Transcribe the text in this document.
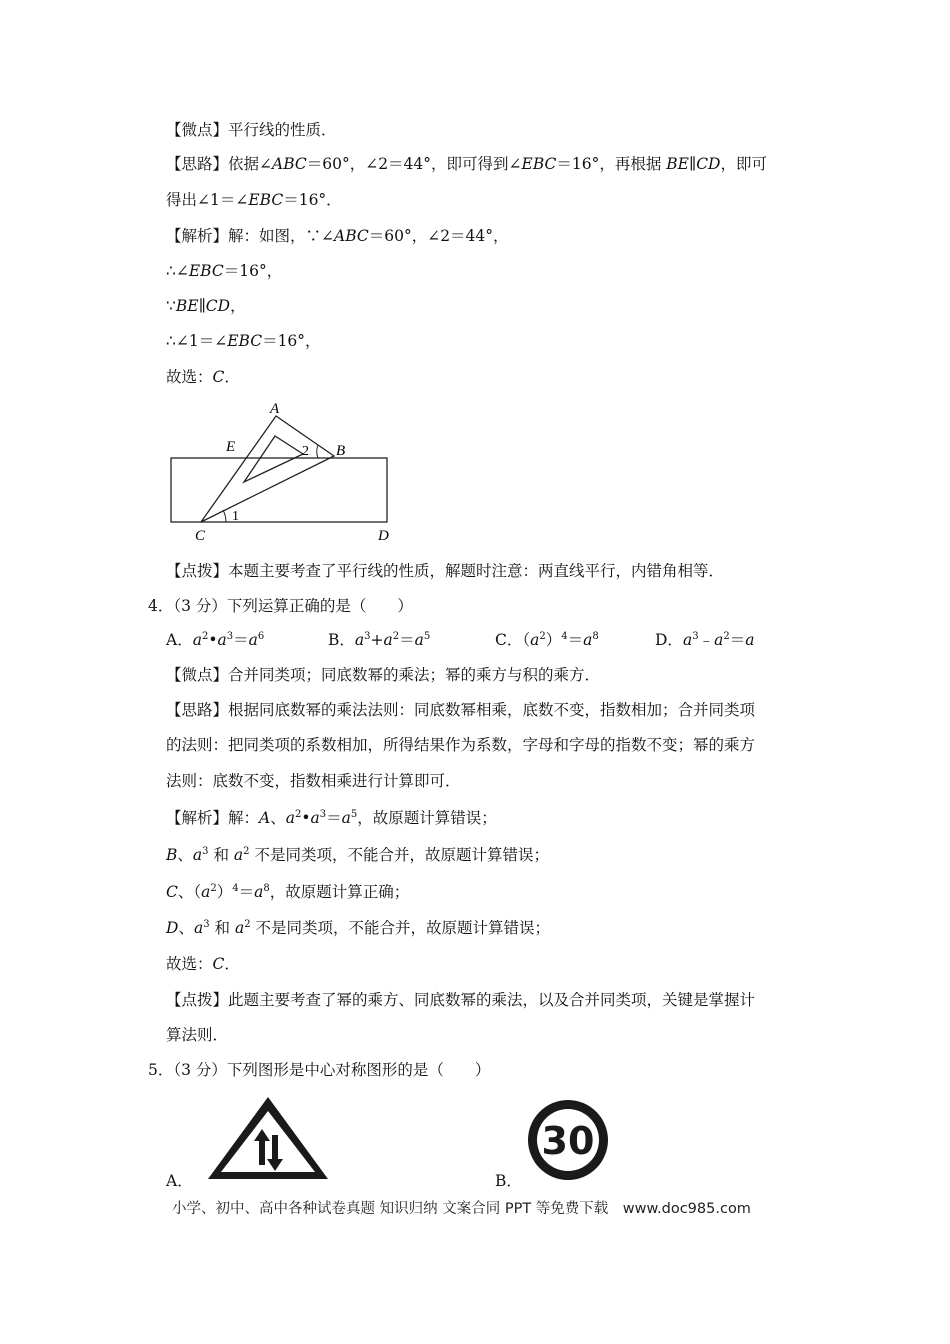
【微点】平行线的性质．
【思路】依据∠ABC＝60°，∠2＝44°，即可得到∠EBC＝16°，再根据 BE∥CD，即可
得出∠1＝∠EBC＝16°．
【解析】解：如图，∵∠ABC＝60°，∠2＝44°，
∴∠EBC＝16°，
∵BE∥CD，
∴∠1＝∠EBC＝16°，
故选：C．
A
B
C	D
E
1
2
【点拨】本题主要考查了平行线的性质，解题时注意：两直线平行，内错角相等．
4．（3 分）下列运算正确的是（　　）
A．$a^2•a^3=a^6$	B．$a^3+a^2=a^5$	C．$(a^2)^4=a^8$	D．$a^3﹣a^2=a$
【微点】合并同类项；同底数幂的乘法；幂的乘方与积的乘方．
【思路】根据同底数幂的乘法法则：同底数幂相乘，底数不变，指数相加；合并同类项
的法则：把同类项的系数相加，所得结果作为系数，字母和字母的指数不变；幂的乘方
法则：底数不变，指数相乘进行计算即可．
【解析】解：A、$a^2•a^3=a^5$，故原题计算错误；
B、$a^3$ 和 $a^2$ 不是同类项，不能合并，故原题计算错误；
C、$(a^2)^4=a^8$，故原题计算正确；
D、$a^3$ 和 $a^2$ 不是同类项，不能合并，故原题计算错误；
故选：C．
【点拨】此题主要考查了幂的乘方、同底数幂的乘法，以及合并同类项，关键是掌握计
算法则．
5．（3 分）下列图形是中心对称图形的是（　　）
A．
30
B．
小学、初中、高中各种试卷真题 知识归纳 文案合同 PPT 等免费下载　www.doc985.com
